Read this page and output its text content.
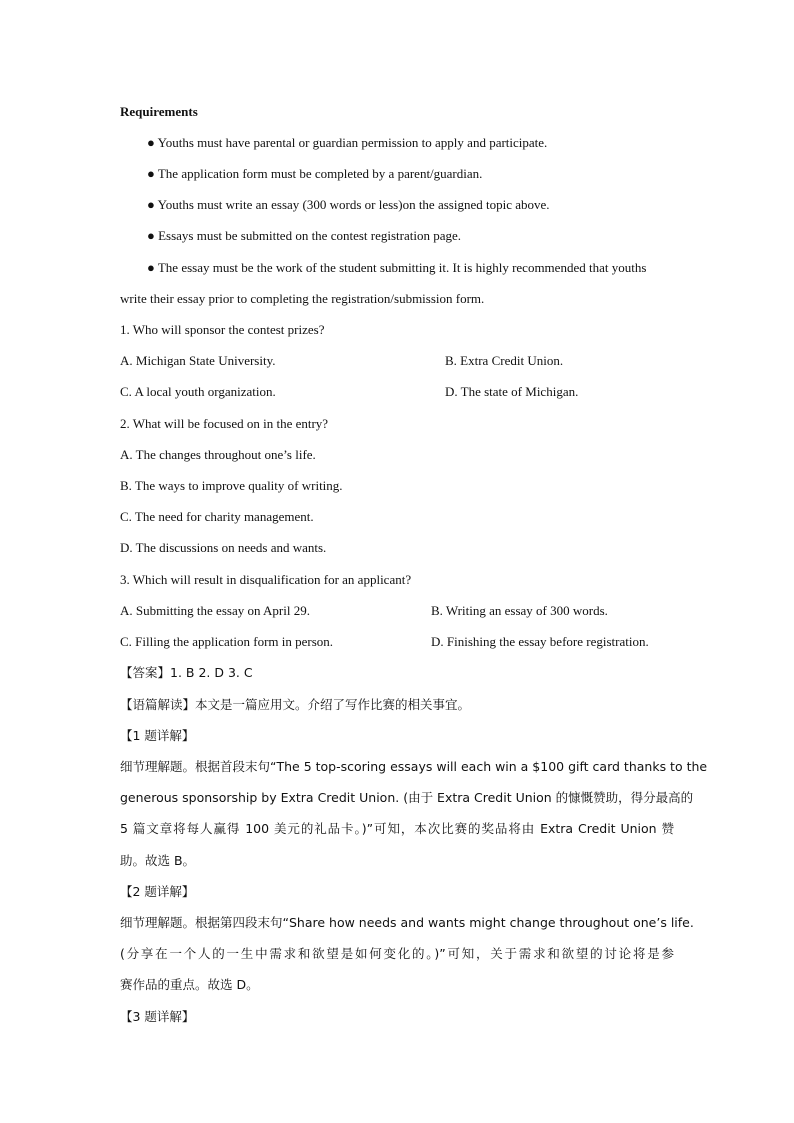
Requirements
● Youths must have parental or guardian permission to apply and participate.
● The application form must be completed by a parent/guardian.
● Youths must write an essay (300 words or less)on the assigned topic above.
● Essays must be submitted on the contest registration page.
● The essay must be the work of the student submitting it. It is highly recommended that youths
write their essay prior to completing the registration/submission form.
1. Who will sponsor the contest prizes?
A. Michigan State University.	B. Extra Credit Union.
C. A local youth organization.	D. The state of Michigan.
2. What will be focused on in the entry?
A. The changes throughout one’s life.
B. The ways to improve quality of writing.
C. The need for charity management.
D. The discussions on needs and wants.
3. Which will result in disqualification for an applicant?
A. Submitting the essay on April 29.	B. Writing an essay of 300 words.
C. Filling the application form in person.	D. Finishing the essay before registration.
【答案】1. B 2. D 3. C
【语篇解读】本文是一篇应用文。介绍了写作比赛的相关事宜。
【1 题详解】
细节理解题。根据首段末句“The 5 top-scoring essays will each win a $100 gift card thanks to the
generous sponsorship by Extra Credit Union. (由于 Extra Credit Union 的慷慨赞助，得分最高的
5 篇文章将每人赢得 100 美元的礼品卡。)”可知，本次比赛的奖品将由 Extra Credit Union 赞
助。故选 B。
【2 题详解】
细节理解题。根据第四段末句“Share how needs and wants might change throughout one’s life.
(分享在一个人的一生中需求和欲望是如何变化的。)”可知，关于需求和欲望的讨论将是参
赛作品的重点。故选 D。
【3 题详解】
